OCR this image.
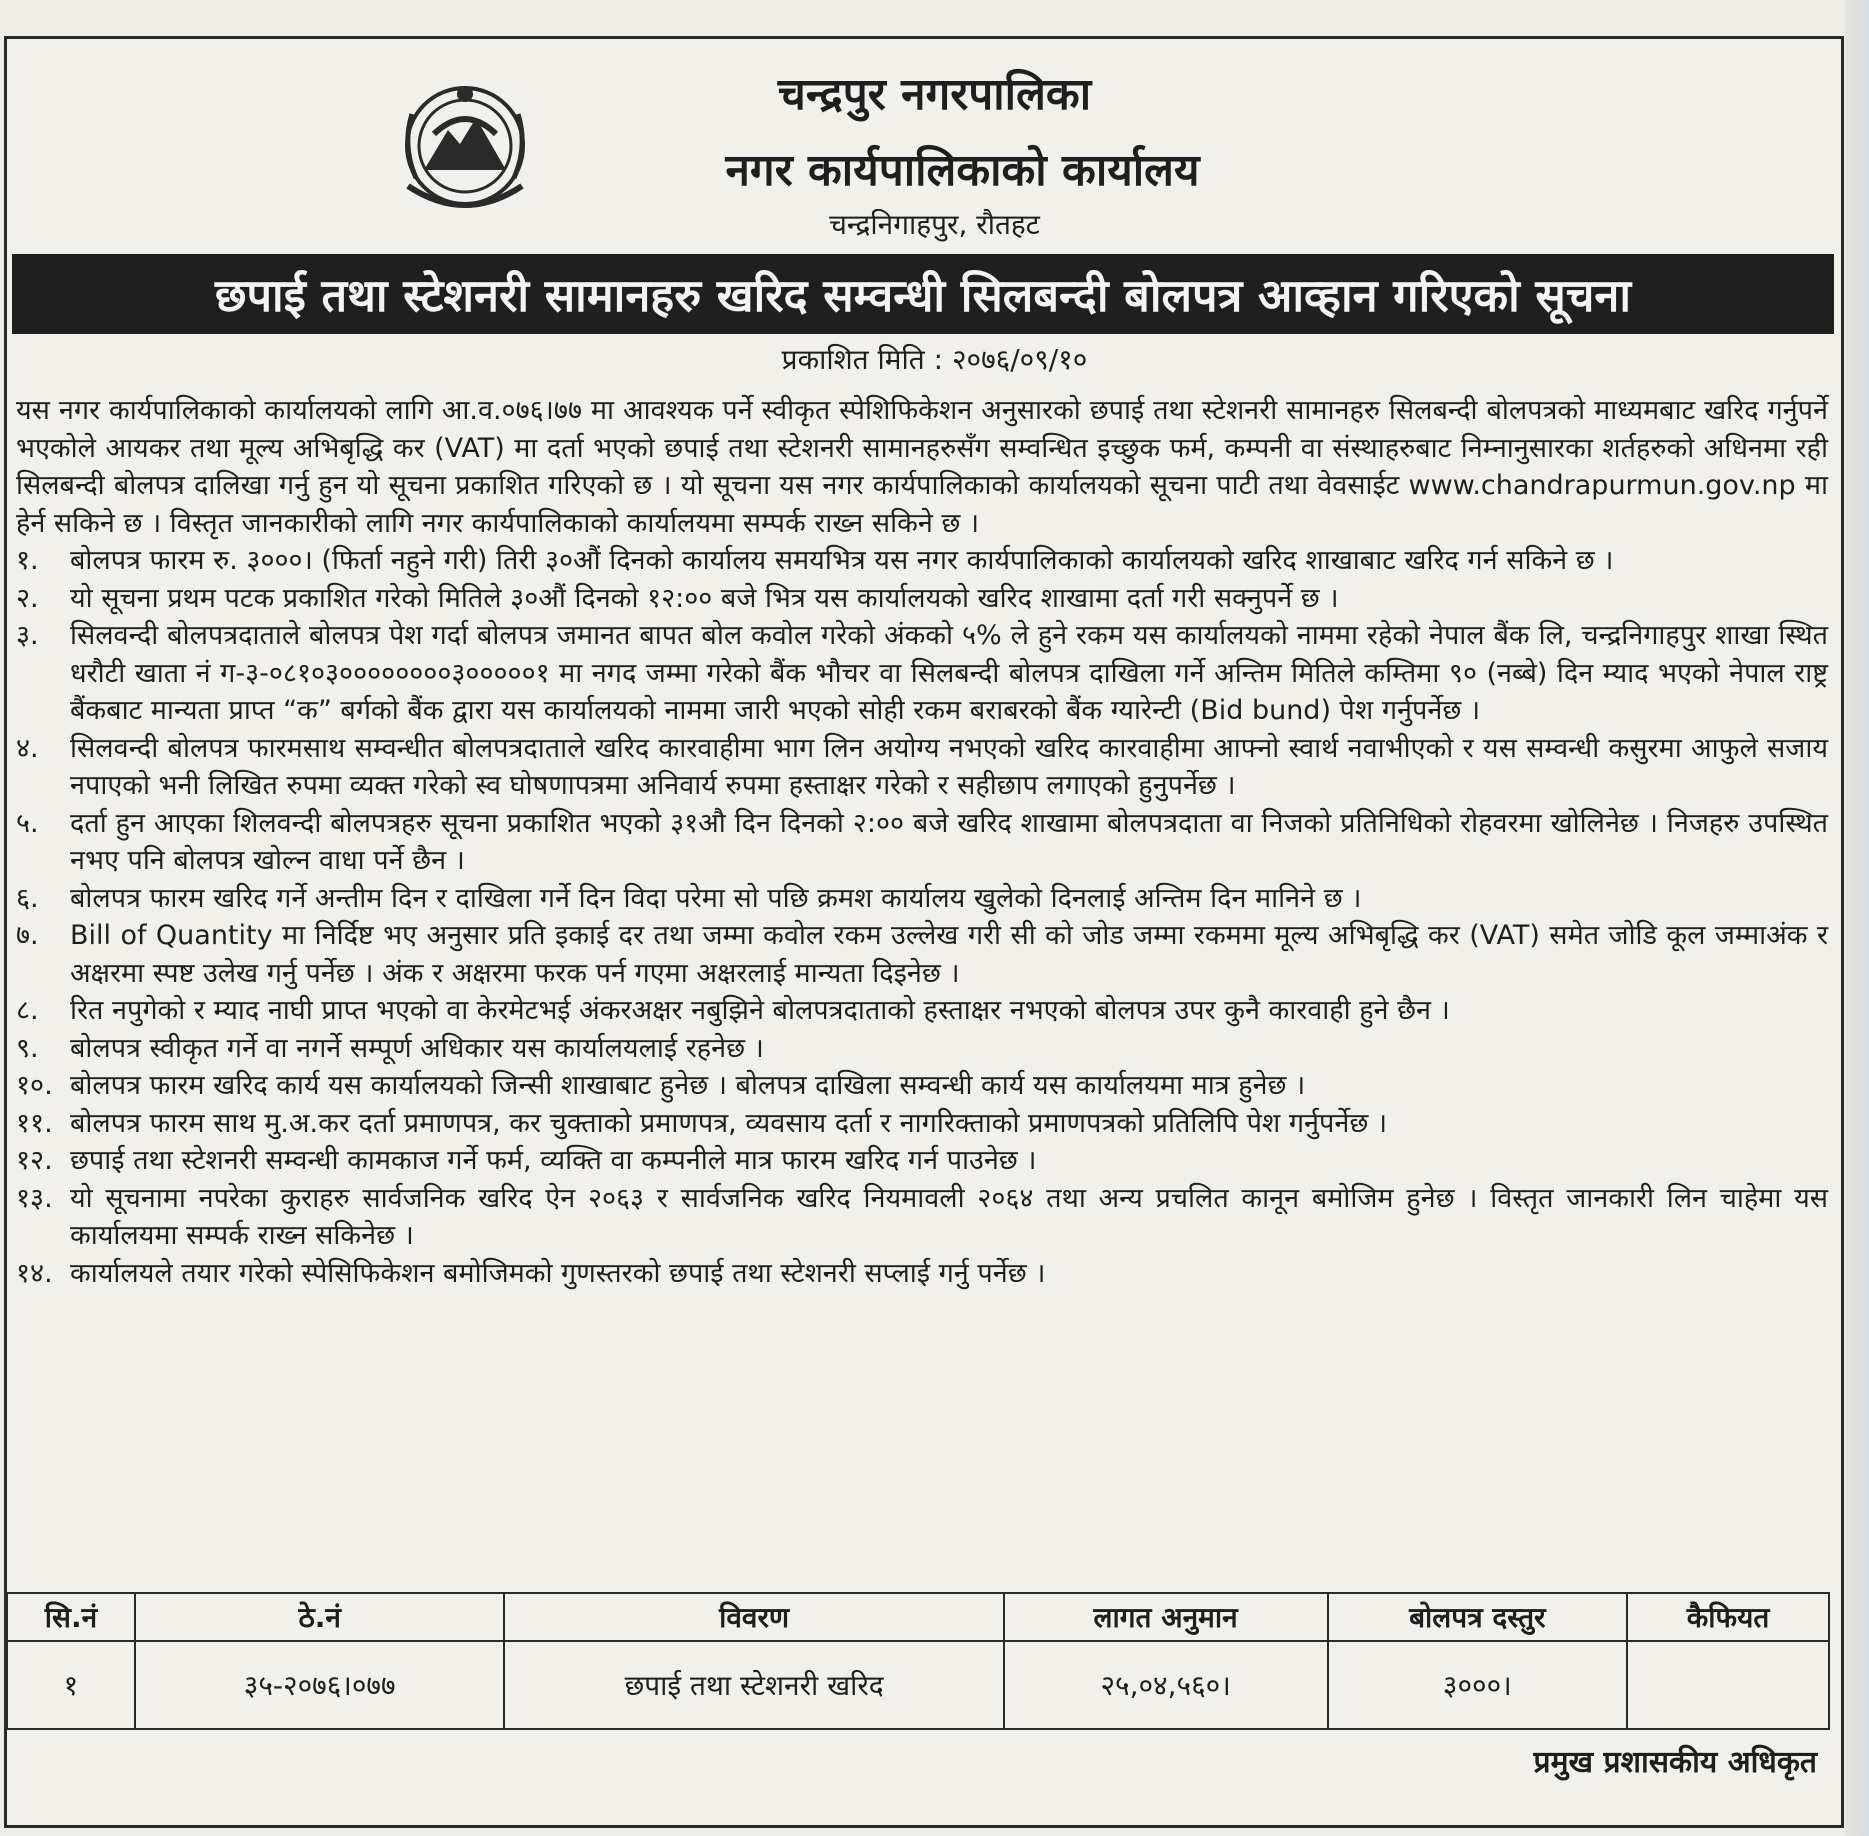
चन्द्रपुर नगरपालिका
नगर कार्यपालिकाको कार्यालय
चन्द्रनिगाहपुर, रौतहट
छपाई तथा स्टेशनरी सामानहरु खरिद सम्वन्धी सिलबन्दी बोलपत्र आव्हान गरिएको सूचना
प्रकाशित मिति : २०७६/०९/१०

यस नगर कार्यपालिकाको कार्यालयको लागि आ.व.०७६।७७ मा आवश्यक पर्ने स्वीकृत स्पेशिफिकेशन अनुसारको छपाई तथा स्टेशनरी सामानहरु सिलबन्दी बोलपत्रको माध्यमबाट खरिद गर्नुपर्ने भएकोले आयकर तथा मूल्य अभिबृद्धि कर (VAT) मा दर्ता भएको छपाई तथा स्टेशनरी सामानहरुसँग सम्वन्धित इच्छुक फर्म, कम्पनी वा संस्थाहरुबाट निम्नानुसारका शर्तहरुको अधिनमा रही सिलबन्दी बोलपत्र दालिखा गर्नु हुन यो सूचना प्रकाशित गरिएको छ । यो सूचना यस नगर कार्यपालिकाको कार्यालयको सूचना पाटी तथा वेवसाईट www.chandrapurmun.gov.np मा हेर्न सकिने छ । विस्तृत जानकारीको लागि नगर कार्यपालिकाको कार्यालयमा सम्पर्क राख्न सकिने छ ।

१.	बोलपत्र फारम रु. ३०००। (फिर्ता नहुने गरी) तिरी ३०औं दिनको कार्यालय समयभित्र यस नगर कार्यपालिकाको कार्यालयको खरिद शाखाबाट खरिद गर्न सकिने छ ।
२.	यो सूचना प्रथम पटक प्रकाशित गरेको मितिले ३०औं दिनको १२:०० बजे भित्र यस कार्यालयको खरिद शाखामा दर्ता गरी सक्नुपर्ने छ ।
३.	सिलवन्दी बोलपत्रदाताले बोलपत्र पेश गर्दा बोलपत्र जमानत बापत बोल कवोल गरेको अंकको ५% ले हुने रकम यस कार्यालयको नाममा रहेको नेपाल बैंक लि, चन्द्रनिगाहपुर शाखा स्थित धरौटी खाता नं ग-३-०८१०३००००००००३०००००१ मा नगद जम्मा गरेको बैंक भौचर वा सिलबन्दी बोलपत्र दाखिला गर्ने अन्तिम मितिले कम्तिमा ९० (नब्बे) दिन म्याद भएको नेपाल राष्ट्र बैंकबाट मान्यता प्राप्त “क” बर्गको बैंक द्वारा यस कार्यालयको नाममा जारी भएको सोही रकम बराबरको बैंक ग्यारेन्टी (Bid bund) पेश गर्नुपर्नेछ ।
४.	सिलवन्दी बोलपत्र फारमसाथ सम्वन्धीत बोलपत्रदाताले खरिद कारवाहीमा भाग लिन अयोग्य नभएको खरिद कारवाहीमा आफ्नो स्वार्थ नवाभीएको र यस सम्वन्धी कसुरमा आफुले सजाय नपाएको भनी लिखित रुपमा व्यक्त गरेको स्व घोषणापत्रमा अनिवार्य रुपमा हस्ताक्षर गरेको र सहीछाप लगाएको हुनुपर्नेछ ।
५.	दर्ता हुन आएका शिलवन्दी बोलपत्रहरु सूचना प्रकाशित भएको ३१औ दिन दिनको २:०० बजे खरिद शाखामा बोलपत्रदाता वा निजको प्रतिनिधिको रोहवरमा खोलिनेछ । निजहरु उपस्थित नभए पनि बोलपत्र खोल्न वाधा पर्ने छैन ।
६.	बोलपत्र फारम खरिद गर्ने अन्तीम दिन र दाखिला गर्ने दिन विदा परेमा सो पछि क्रमश कार्यालय खुलेको दिनलाई अन्तिम दिन मानिने छ ।
७.	Bill of Quantity मा निर्दिष्ट भए अनुसार प्रति इकाई दर तथा जम्मा कवोल रकम उल्लेख गरी सी को जोड जम्मा रकममा मूल्य अभिबृद्धि कर (VAT) समेत जोडि कूल जम्माअंक र अक्षरमा स्पष्ट उलेख गर्नु पर्नेछ । अंक र अक्षरमा फरक पर्न गएमा अक्षरलाई मान्यता दिइनेछ ।
८.	रित नपुगेको र म्याद नाघी प्राप्त भएको वा केरमेटभई अंकरअक्षर नबुझिने बोलपत्रदाताको हस्ताक्षर नभएको बोलपत्र उपर कुनै कारवाही हुने छैन ।
९.	बोलपत्र स्वीकृत गर्ने वा नगर्ने सम्पूर्ण अधिकार यस कार्यालयलाई रहनेछ ।
१०. बोलपत्र फारम खरिद कार्य यस कार्यालयको जिन्सी शाखाबाट हुनेछ । बोलपत्र दाखिला सम्वन्धी कार्य यस कार्यालयमा मात्र हुनेछ ।
११. बोलपत्र फारम साथ मु.अ.कर दर्ता प्रमाणपत्र, कर चुक्ताको प्रमाणपत्र, व्यवसाय दर्ता र नागरिक्ताको प्रमाणपत्रको प्रतिलिपि पेश गर्नुपर्नेछ ।
१२. छपाई तथा स्टेशनरी सम्वन्धी कामकाज गर्ने फर्म, व्यक्ति वा कम्पनीले मात्र फारम खरिद गर्न पाउनेछ ।
१३. यो सूचनामा नपरेका कुराहरु सार्वजनिक खरिद ऐन २०६३ र सार्वजनिक खरिद नियमावली २०६४ तथा अन्य प्रचलित कानून बमोजिम हुनेछ । विस्तृत जानकारी लिन चाहेमा यस कार्यालयमा सम्पर्क राख्न सकिनेछ ।
१४. कार्यालयले तयार गरेको स्पेसिफिकेशन बमोजिमको गुणस्तरको छपाई तथा स्टेशनरी सप्लाई गर्नु पर्नेछ ।
सि.नं	ठे.नं	विवरण	लागत अनुमान	बोलपत्र दस्तुर	कैफियत
१	३५-२०७६।०७७	छपाई तथा स्टेशनरी खरिद	२५,०४,५६०।	३०००।	
प्रमुख प्रशासकीय अधिकृत
